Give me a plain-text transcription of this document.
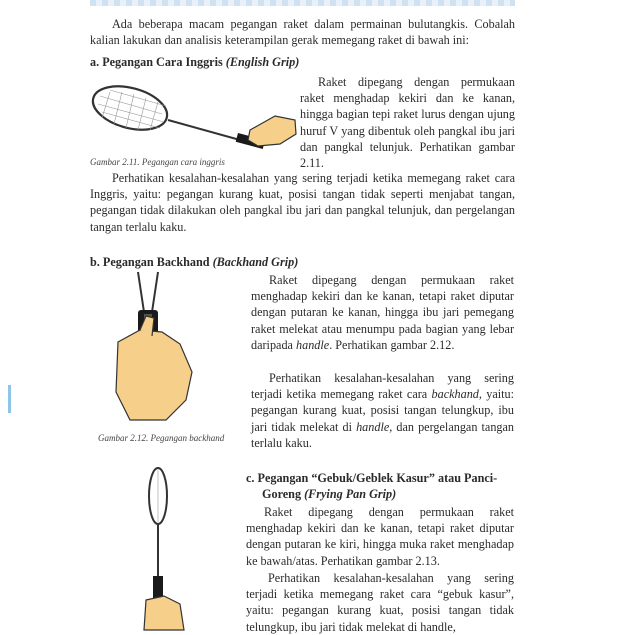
Ada beberapa macam pegangan raket dalam permainan bulutangkis. Cobalah kalian lakukan dan analisis keterampilan gerak memegang raket di bawah ini:

a. Pegangan Cara Inggris (English Grip)

Gambar 2.11. Pegangan cara inggris

Raket dipegang dengan permukaan raket menghadap kekiri dan ke kanan, hingga bagian tepi raket lurus dengan ujung huruf V yang dibentuk oleh pangkal ibu jari dan pangkal telunjuk. Perhatikan gambar 2.11.

Perhatikan kesalahan-kesalahan yang sering terjadi ketika memegang raket cara Inggris, yaitu: pegangan kurang kuat, posisi tangan tidak seperti menjabat tangan, pegangan tidak dilakukan oleh pangkal ibu jari dan pangkal telunjuk, dan pergelangan tangan terlalu kaku.

b. Pegangan Backhand (Backhand Grip)

Gambar 2.12. Pegangan backhand

Raket dipegang dengan permukaan raket menghadap kekiri dan ke kanan, tetapi raket diputar dengan putaran ke kanan, hingga ibu jari pemegang raket melekat atau menumpu pada bagian yang lebar daripada handle. Perhatikan gambar 2.12.

Perhatikan kesalahan-kesalahan yang sering terjadi ketika memegang raket cara backhand, yaitu: pegangan kurang kuat, posisi tangan telungkup, ibu jari tidak melekat di handle, dan pergelangan tangan terlalu kaku.

c. Pegangan “Gebuk/Geblek Kasur” atau Panci-
Goreng (Frying Pan Grip)

Raket dipegang dengan permukaan raket menghadap kekiri dan ke kanan, tetapi raket diputar dengan putaran ke kiri, hingga muka raket menghadap ke bawah/atas. Perhatikan gambar 2.13.

Perhatikan kesalahan-kesalahan yang sering terjadi ketika memegang raket cara “gebuk kasur”, yaitu: pegangan kurang kuat, posisi tangan tidak telungkup, ibu jari tidak melekat di handle,
